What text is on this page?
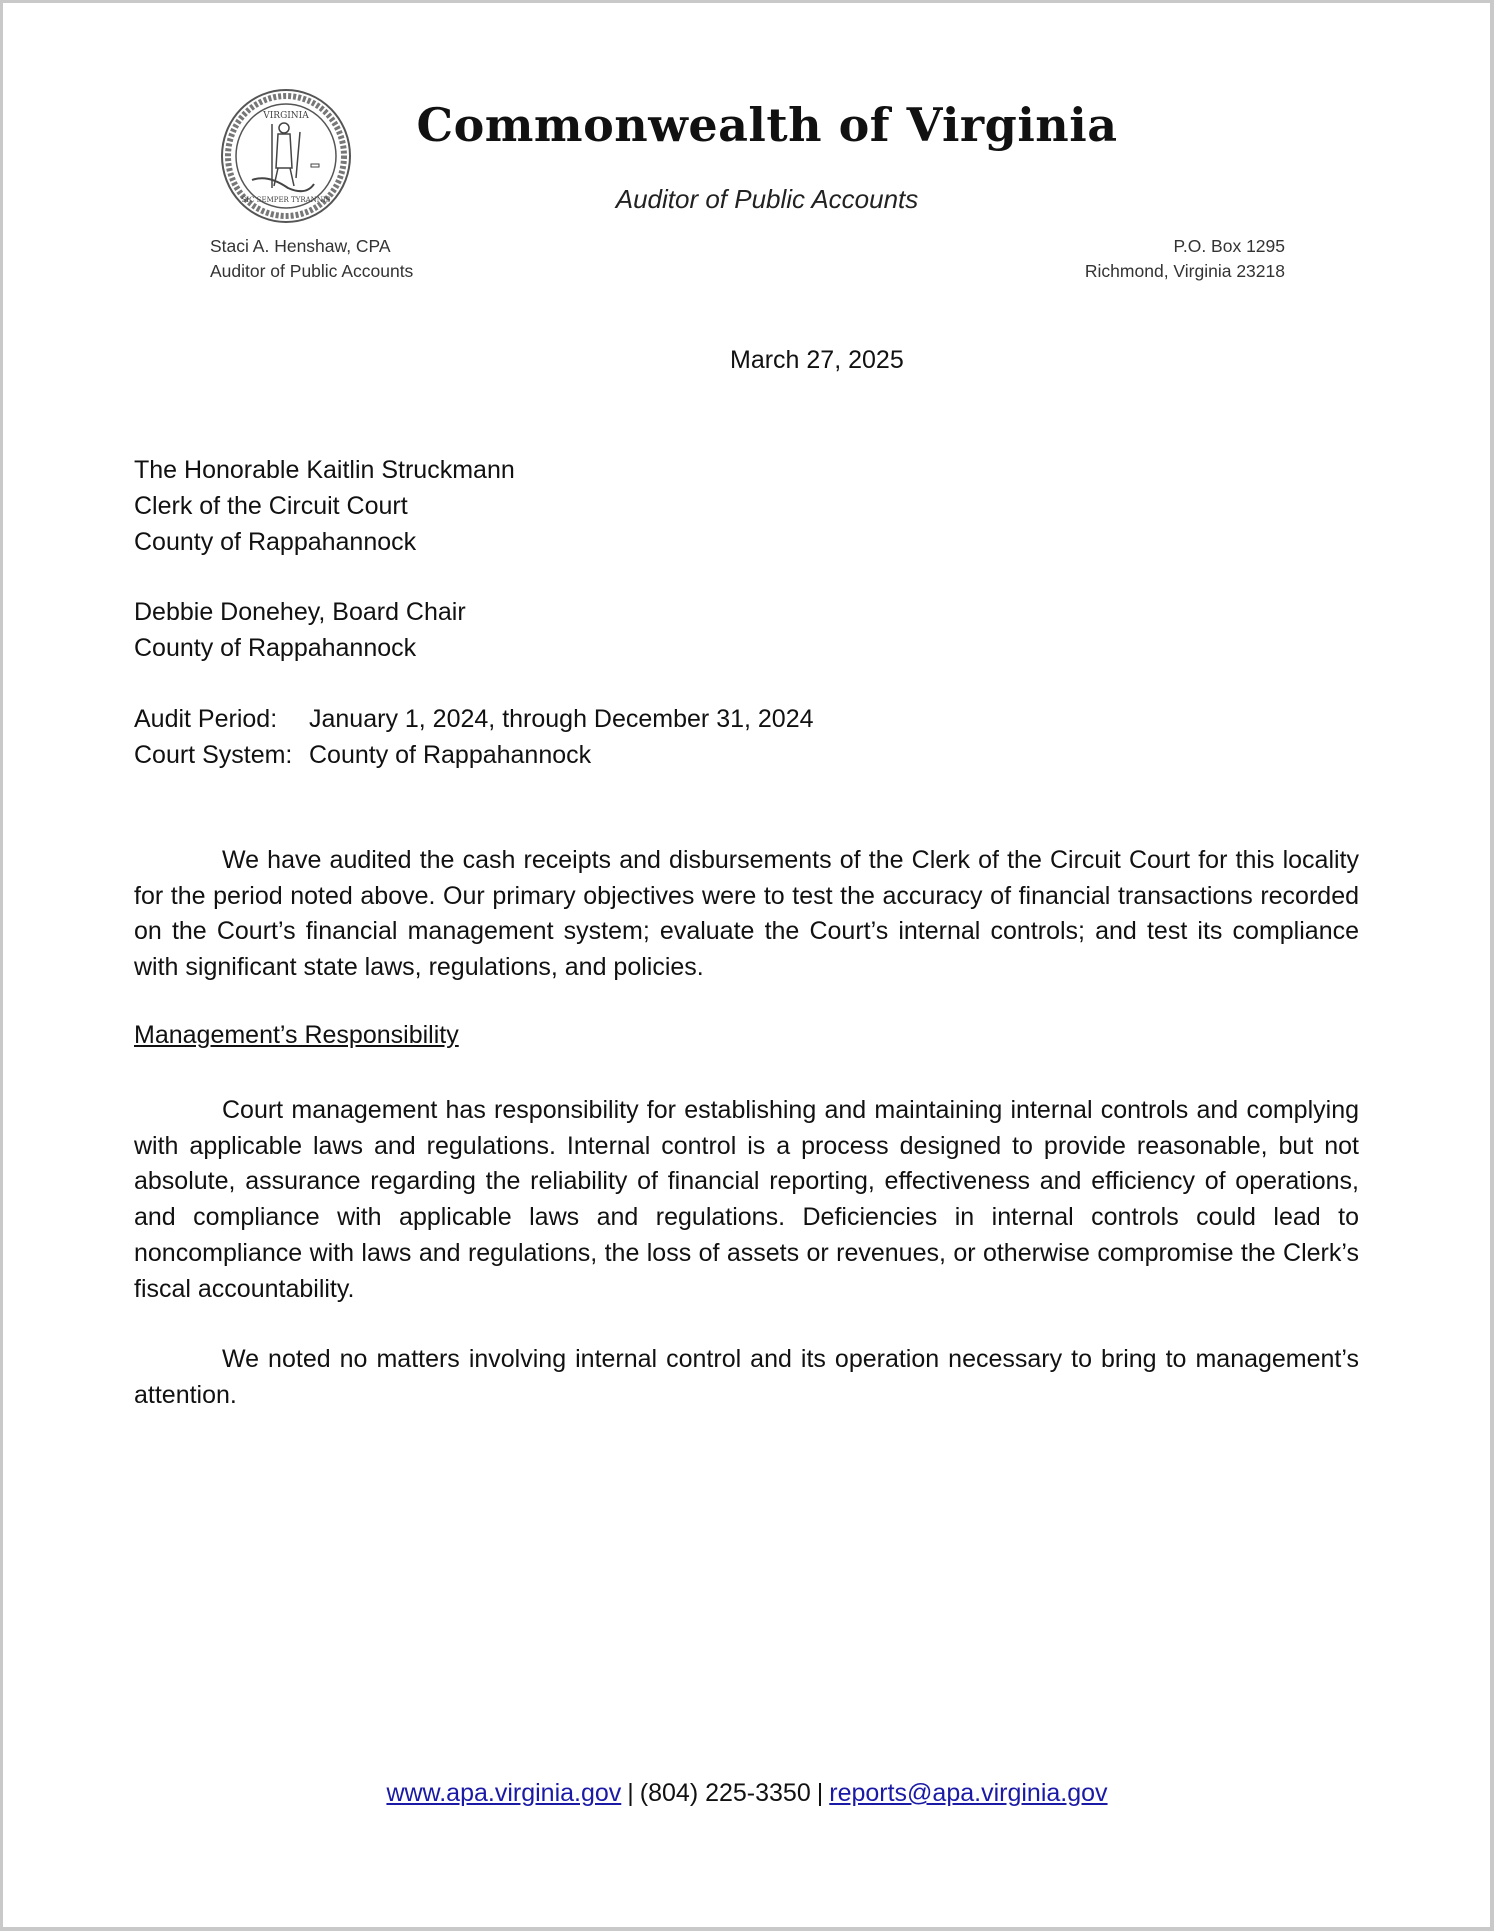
VIRGINIA
SIC SEMPER TYRANNIS
Commonwealth of Virginia
Auditor of Public Accounts
Staci A. Henshaw, CPA
Auditor of Public Accounts
P.O. Box 1295
Richmond, Virginia 23218
March 27, 2025
The Honorable Kaitlin Struckmann
Clerk of the Circuit Court
County of Rappahannock
Debbie Donehey, Board Chair
County of Rappahannock
Audit Period: January 1, 2024, through December 31, 2024
Court System: County of Rappahannock

We have audited the cash receipts and disbursements of the Clerk of the Circuit Court for this locality for the period noted above. Our primary objectives were to test the accuracy of financial transactions recorded on the Court’s financial management system; evaluate the Court’s internal controls; and test its compliance with significant state laws, regulations, and policies.

Management’s Responsibility

Court management has responsibility for establishing and maintaining internal controls and complying with applicable laws and regulations. Internal control is a process designed to provide reasonable, but not absolute, assurance regarding the reliability of financial reporting, effectiveness and efficiency of operations, and compliance with applicable laws and regulations. Deficiencies in internal controls could lead to noncompliance with laws and regulations, the loss of assets or revenues, or otherwise compromise the Clerk’s fiscal accountability.

We noted no matters involving internal control and its operation necessary to bring to management’s attention.

www.apa.virginia.gov | (804) 225-3350 | reports@apa.virginia.gov
